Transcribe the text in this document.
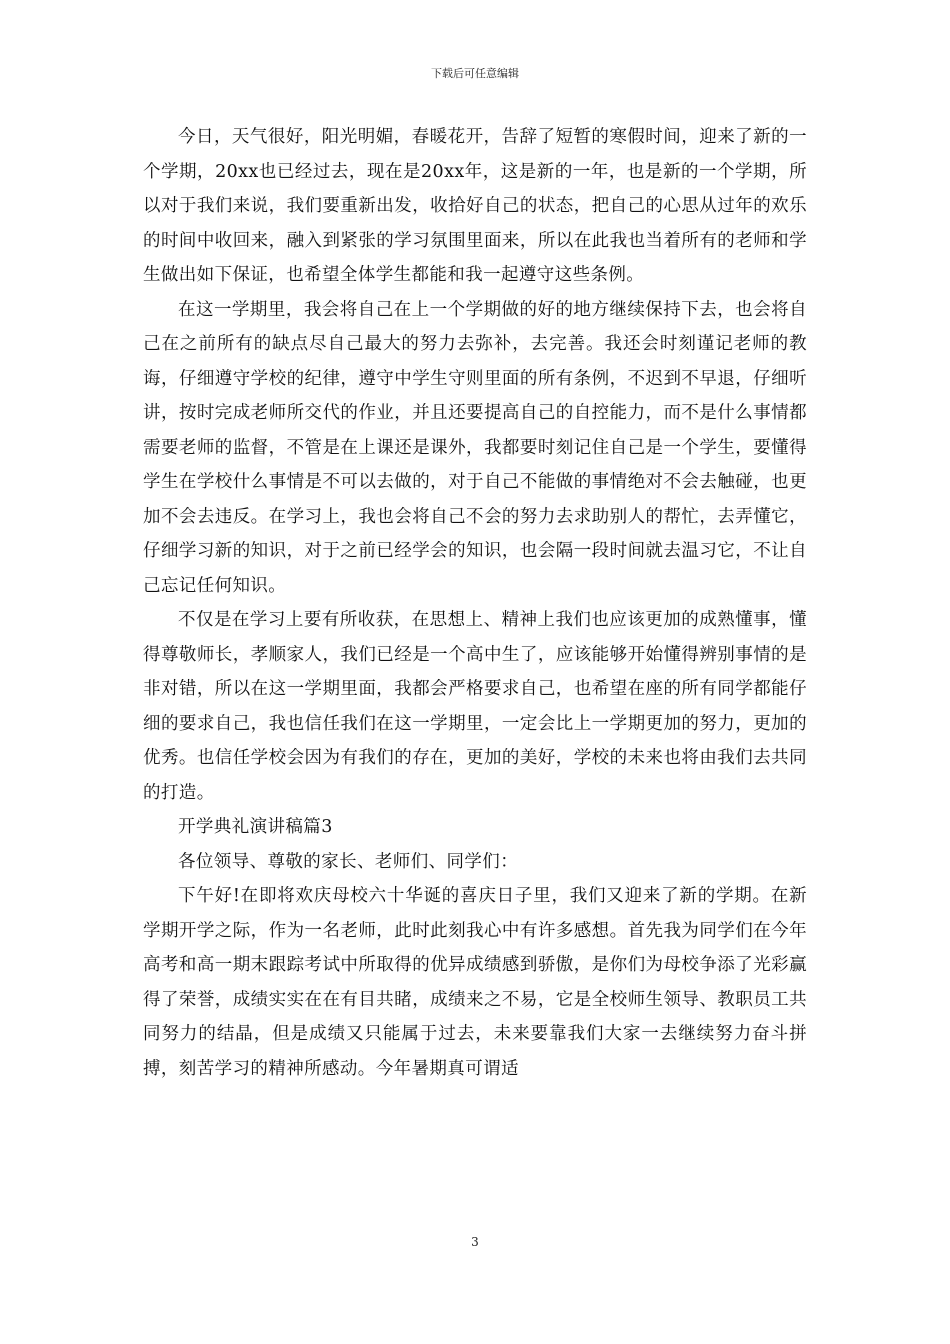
下载后可任意编辑

今日，天气很好，阳光明媚，春暖花开，告辞了短暂的寒假时间，迎来了新的一个学期，20xx也已经过去，现在是20xx年，这是新的一年，也是新的一个学期，所以对于我们来说，我们要重新出发，收拾好自己的状态，把自己的心思从过年的欢乐的时间中收回来，融入到紧张的学习氛围里面来，所以在此我也当着所有的老师和学生做出如下保证，也希望全体学生都能和我一起遵守这些条例。

在这一学期里，我会将自己在上一个学期做的好的地方继续保持下去，也会将自己在之前所有的缺点尽自己最大的努力去弥补，去完善。我还会时刻谨记老师的教诲，仔细遵守学校的纪律，遵守中学生守则里面的所有条例，不迟到不早退，仔细听讲，按时完成老师所交代的作业，并且还要提高自己的自控能力，而不是什么事情都需要老师的监督，不管是在上课还是课外，我都要时刻记住自己是一个学生，要懂得学生在学校什么事情是不可以去做的，对于自己不能做的事情绝对不会去触碰，也更加不会去违反。在学习上，我也会将自己不会的努力去求助别人的帮忙，去弄懂它，仔细学习新的知识，对于之前已经学会的知识，也会隔一段时间就去温习它，不让自己忘记任何知识。

不仅是在学习上要有所收获，在思想上、精神上我们也应该更加的成熟懂事，懂得尊敬师长，孝顺家人，我们已经是一个高中生了，应该能够开始懂得辨别事情的是非对错，所以在这一学期里面，我都会严格要求自己，也希望在座的所有同学都能仔细的要求自己，我也信任我们在这一学期里，一定会比上一学期更加的努力，更加的优秀。也信任学校会因为有我们的存在，更加的美好，学校的未来也将由我们去共同的打造。

开学典礼演讲稿篇3

各位领导、尊敬的家长、老师们、同学们：

下午好!在即将欢庆母校六十华诞的喜庆日子里，我们又迎来了新的学期。在新学期开学之际，作为一名老师，此时此刻我心中有许多感想。首先我为同学们在今年高考和高一期末跟踪考试中所取得的优异成绩感到骄傲，是你们为母校争添了光彩赢得了荣誉，成绩实实在在有目共睹，成绩来之不易，它是全校师生领导、教职员工共同努力的结晶，但是成绩又只能属于过去，未来要靠我们大家一去继续努力奋斗拼搏，刻苦学习的精神所感动。今年暑期真可谓适

3
